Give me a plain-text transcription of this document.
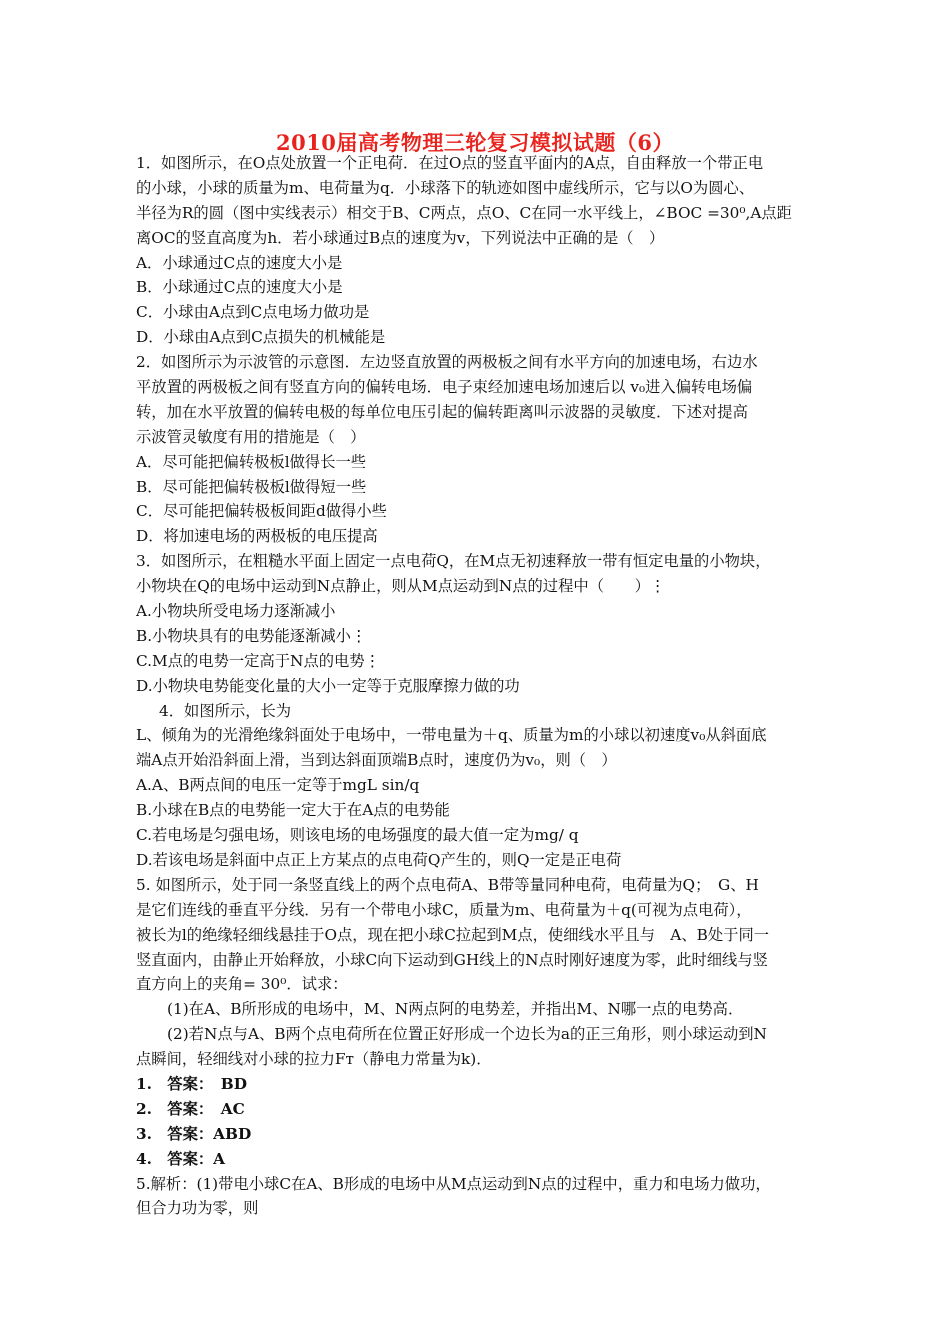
2010届高考物理三轮复习模拟试题（6）
1．如图所示，在O点处放置一个正电荷．在过O点的竖直平面内的A点，自由释放一个带正电
的小球，小球的质量为m、电荷量为q．小球落下的轨迹如图中虚线所示，它与以O为圆心、
半径为R的圆（图中实线表示）相交于B、C两点，点O、C在同一水平线上，∠BOC =30⁰,A点距
离OC的竖直高度为h．若小球通过B点的速度为v，下列说法中正确的是（　）
A．小球通过C点的速度大小是
B．小球通过C点的速度大小是
C．小球由A点到C点电场力做功是
D．小球由A点到C点损失的机械能是
2．如图所示为示波管的示意图．左边竖直放置的两极板之间有水平方向的加速电场，右边水
平放置的两极板之间有竖直方向的偏转电场．电子束经加速电场加速后以 v₀进入偏转电场偏
转，加在水平放置的偏转电极的每单位电压引起的偏转距离叫示波器的灵敏度．下述对提高
示波管灵敏度有用的措施是（　）
A．尽可能把偏转极板l做得长一些
B．尽可能把偏转极板l做得短一些
C．尽可能把偏转极板间距d做得小些
D．将加速电场的两极板的电压提高
3．如图所示，在粗糙水平面上固定一点电荷Q，在M点无初速释放一带有恒定电量的小物块，
小物块在Q的电场中运动到N点静止，则从M点运动到N点的过程中（　　）⋮
A.小物块所受电场力逐渐减小
B.小物块具有的电势能逐渐减小⋮
C.M点的电势一定高于N点的电势⋮
D.小物块电势能变化量的大小一定等于克服摩擦力做的功
4．如图所示，长为
L、倾角为的光滑绝缘斜面处于电场中，一带电量为＋q、质量为m的小球以初速度v₀从斜面底
端A点开始沿斜面上滑，当到达斜面顶端B点时，速度仍为v₀，则（　）
A.A、B两点间的电压一定等于mgL sin/q
B.小球在B点的电势能一定大于在A点的电势能
C.若电场是匀强电场，则该电场的电场强度的最大值一定为mg/ q
D.若该电场是斜面中点正上方某点的点电荷Q产生的，则Q一定是正电荷
5. 如图所示，处于同一条竖直线上的两个点电荷A、B带等量同种电荷，电荷量为Q；　G、H
是它们连线的垂直平分线．另有一个带电小球C，质量为m、电荷量为＋q(可视为点电荷），
被长为l的绝缘轻细线悬挂于O点，现在把小球C拉起到M点，使细线水平且与　A、B处于同一
竖直面内，由静止开始释放，小球C向下运动到GH线上的N点时刚好速度为零，此时细线与竖
直方向上的夹角= 30⁰．试求：
(1)在A、B所形成的电场中，M、N两点阿的电势差，并指出M、N哪一点的电势高．
(2)若N点与A、B两个点电荷所在位置正好形成一个边长为a的正三角形，则小球运动到N
点瞬间，轻细线对小球的拉力Fᴛ（静电力常量为k)．
1.　答案：　BD
2.　答案：　AC
3.　答案：ABD
4.　答案：A
5.解析：(1)带电小球C在A、B形成的电场中从M点运动到N点的过程中，重力和电场力做功，
但合力功为零，则
